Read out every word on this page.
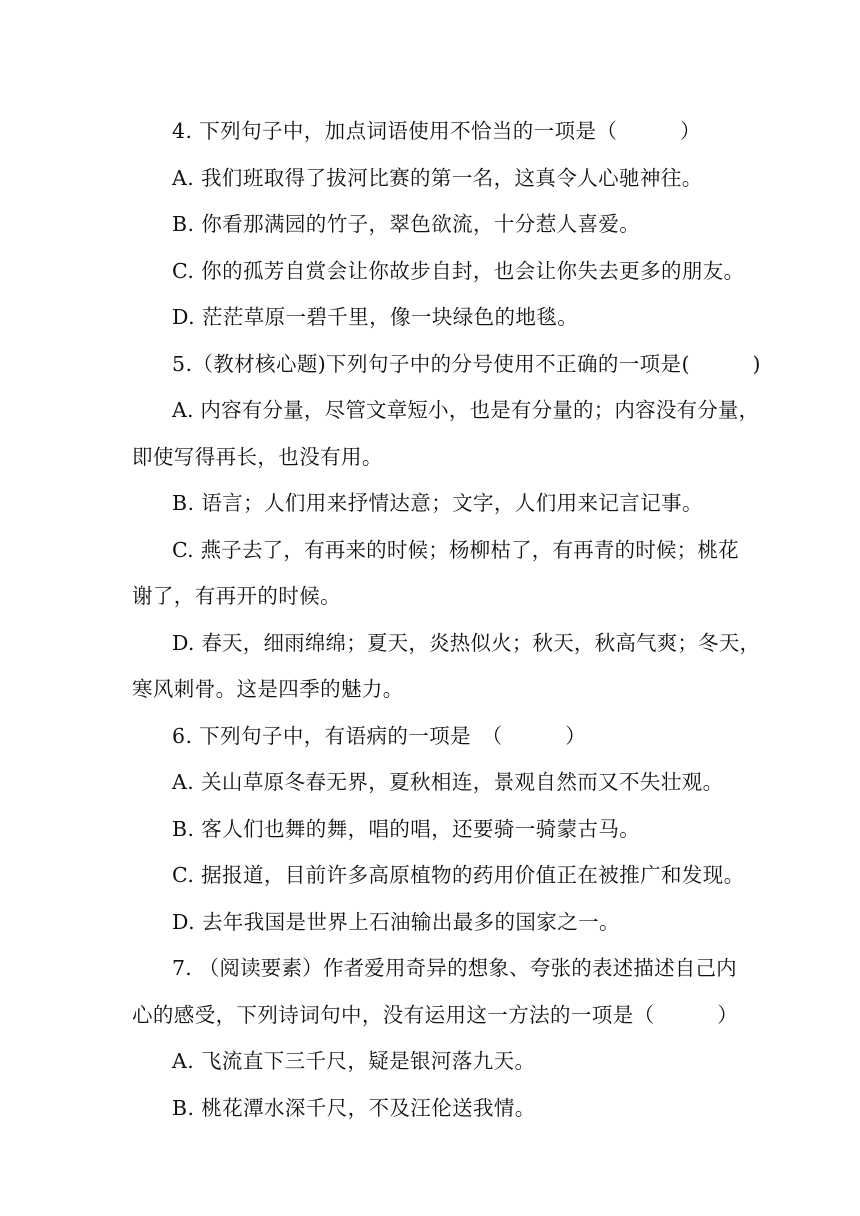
4. 下列句子中，加点词语使用不恰当的一项是（　　　）
A. 我们班取得了拔河比赛的第一名，这真令人心驰神往。
B. 你看那满园的竹子，翠色欲流，十分惹人喜爱。
C. 你的孤芳自赏会让你故步自封，也会让你失去更多的朋友。
D. 茫茫草原一碧千里，像一块绿色的地毯。
5.（教材核心题)下列句子中的分号使用不正确的一项是(　　　)
A. 内容有分量，尽管文章短小，也是有分量的；内容没有分量，
即使写得再长，也没有用。
B. 语言；人们用来抒情达意；文字，人们用来记言记事。
C. 燕子去了，有再来的时候；杨柳枯了，有再青的时候；桃花
谢了，有再开的时候。
D. 春天，细雨绵绵；夏天，炎热似火；秋天，秋高气爽；冬天，
寒风刺骨。这是四季的魅力。
6. 下列句子中，有语病的一项是　（　　　）
A. 关山草原冬春无界，夏秋相连，景观自然而又不失壮观。
B. 客人们也舞的舞，唱的唱，还要骑一骑蒙古马。
C. 据报道，目前许多高原植物的药用价值正在被推广和发现。
D. 去年我国是世界上石油输出最多的国家之一。
7. （阅读要素）作者爱用奇异的想象、夸张的表述描述自己内
心的感受，下列诗词句中，没有运用这一方法的一项是（　　　）
A. 飞流直下三千尺，疑是银河落九天。
B. 桃花潭水深千尺，不及汪伦送我情。
